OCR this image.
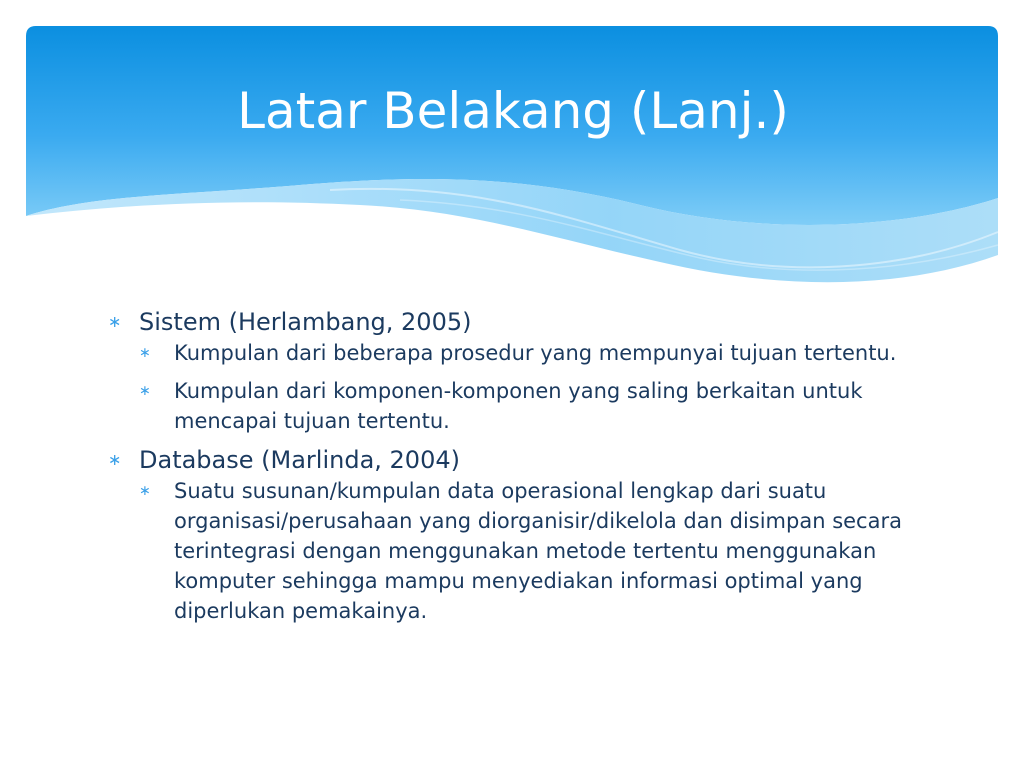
Latar Belakang (Lanj.)
∗ Sistem (Herlambang, 2005)
∗ Kumpulan dari beberapa prosedur yang mempunyai tujuan tertentu.
∗ Kumpulan dari komponen-komponen yang saling berkaitan untuk mencapai tujuan tertentu.
∗ Database (Marlinda, 2004)
∗ Suatu susunan/kumpulan data operasional lengkap dari suatu organisasi/perusahaan yang diorganisir/dikelola dan disimpan secara terintegrasi dengan menggunakan metode tertentu menggunakan komputer sehingga mampu menyediakan informasi optimal yang diperlukan pemakainya.
